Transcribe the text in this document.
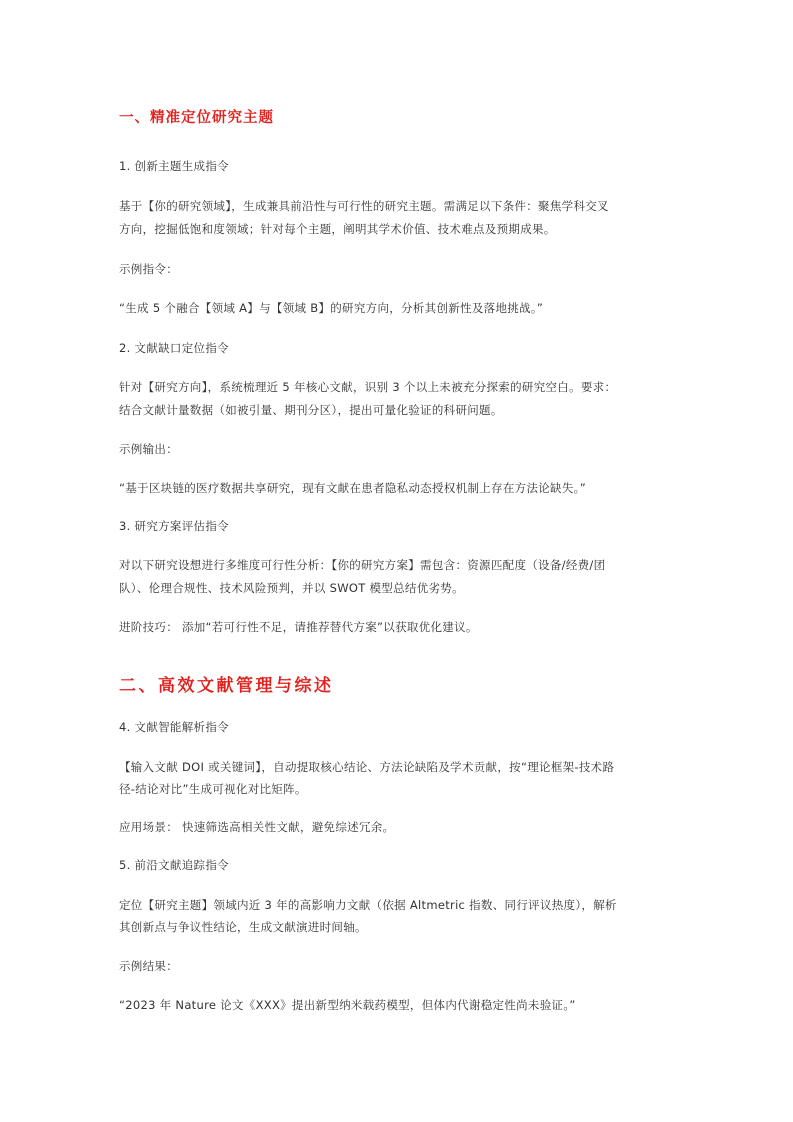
一、精准定位研究主题
1. 创新主题生成指令
基于【你的研究领域】，生成兼具前沿性与可行性的研究主题。需满足以下条件：聚焦学科交叉
方向，挖掘低饱和度领域；针对每个主题，阐明其学术价值、技术难点及预期成果。
示例指令：
“生成 5 个融合【领域 A】与【领域 B】的研究方向，分析其创新性及落地挑战。”
2. 文献缺口定位指令
针对【研究方向】，系统梳理近 5 年核心文献，识别 3 个以上未被充分探索的研究空白。要求：
结合文献计量数据（如被引量、期刊分区），提出可量化验证的科研问题。
示例输出：
“基于区块链的医疗数据共享研究，现有文献在患者隐私动态授权机制上存在方法论缺失。”
3. 研究方案评估指令
对以下研究设想进行多维度可行性分析：【你的研究方案】需包含：资源匹配度（设备/经费/团
队）、伦理合规性、技术风险预判，并以 SWOT 模型总结优劣势。
进阶技巧： 添加“若可行性不足，请推荐替代方案”以获取优化建议。
二、高效文献管理与综述
4. 文献智能解析指令
【输入文献 DOI 或关键词】，自动提取核心结论、方法论缺陷及学术贡献，按“理论框架-技术路
径-结论对比”生成可视化对比矩阵。
应用场景： 快速筛选高相关性文献，避免综述冗余。
5. 前沿文献追踪指令
定位【研究主题】领域内近 3 年的高影响力文献（依据 Altmetric 指数、同行评议热度），解析
其创新点与争议性结论，生成文献演进时间轴。
示例结果：
“2023 年 Nature 论文《XXX》提出新型纳米载药模型，但体内代谢稳定性尚未验证。”
